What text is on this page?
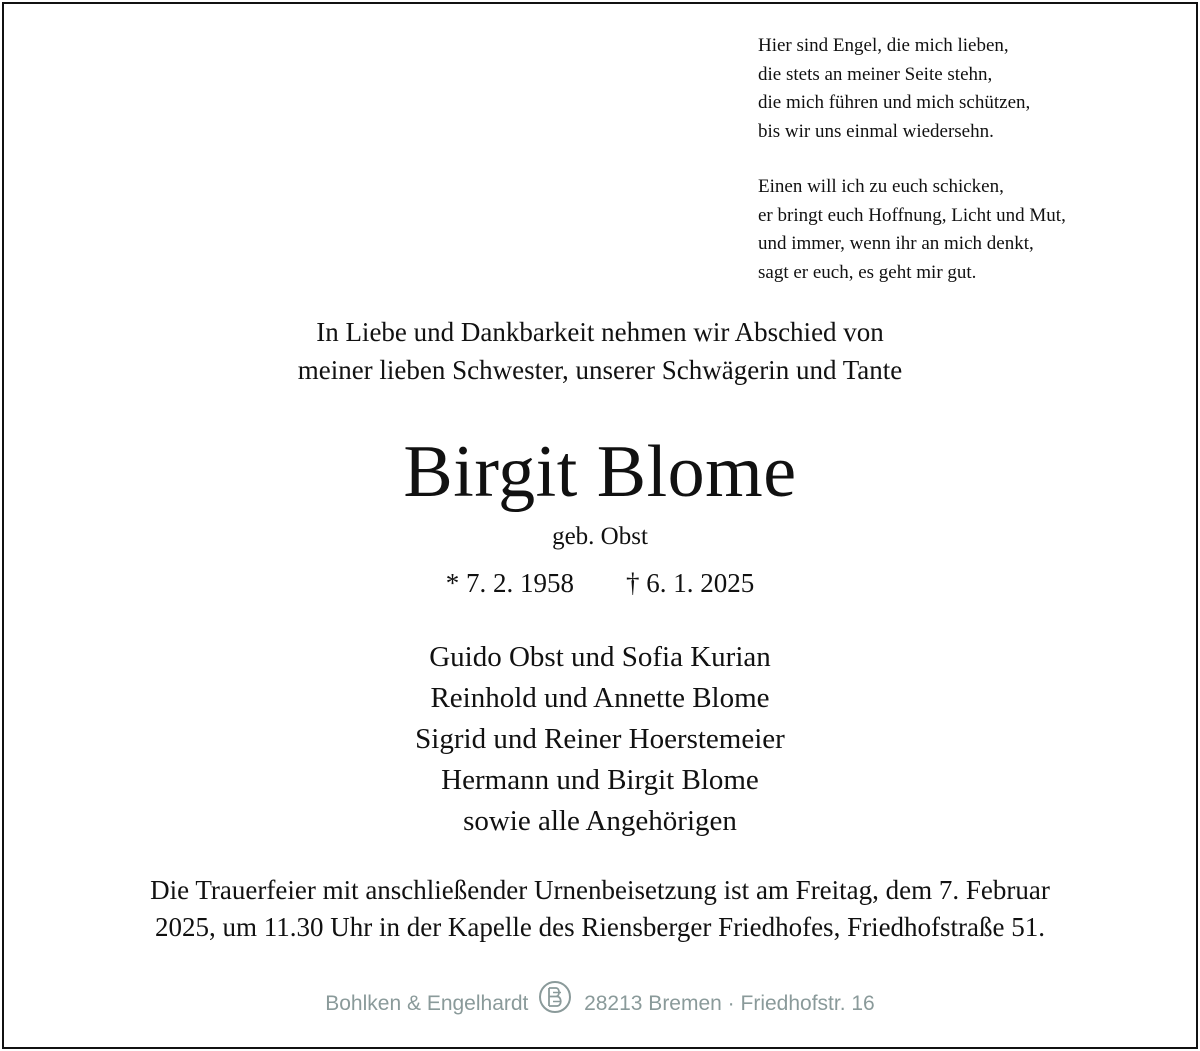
Hier sind Engel, die mich lieben,
die stets an meiner Seite stehn,
die mich führen und mich schützen,
bis wir uns einmal wiedersehn.

Einen will ich zu euch schicken,
er bringt euch Hoffnung, Licht und Mut,
und immer, wenn ihr an mich denkt,
sagt er euch, es geht mir gut.

In Liebe und Dankbarkeit nehmen wir Abschied von
meiner lieben Schwester, unserer Schwägerin und Tante
Birgit Blome
geb. Obst
* 7. 2. 1958 † 6. 1. 2025
Guido Obst und Sofia Kurian
Reinhold und Annette Blome
Sigrid und Reiner Hoerstemeier
Hermann und Birgit Blome
sowie alle Angehörigen
Die Trauerfeier mit anschließender Urnenbeisetzung ist am Freitag, dem 7. Februar
2025, um 11.30 Uhr in der Kapelle des Riensberger Friedhofes, Friedhofstraße 51.
Bohlken & Engelhardt	28213 Bremen · Friedhofstr. 16
